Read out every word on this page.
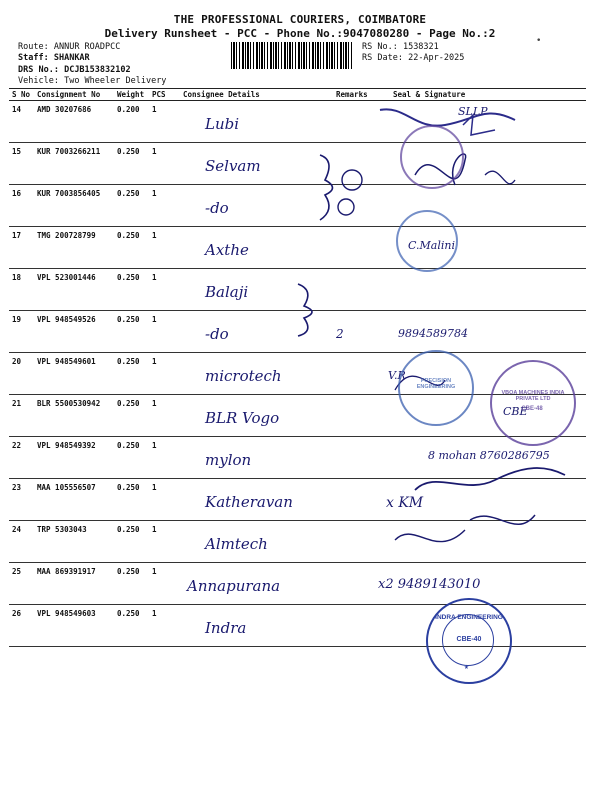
THE PROFESSIONAL COURIERS, COIMBATORE
Delivery Runsheet - PCC - Phone No.:9047080280 - Page No.:2
Route: ANNUR ROADPCC
Staff: SHANKAR
DRS No.: DCJB153832102
Vehicle: Two Wheeler Delivery
RS No.: 1538321
RS Date: 22-Apr-2025
•
S No	Consignment No	Weight	PCS	Consignee Details	Remarks	Seal & Signature
14	AMD 30207686	0.200	1	Lubi		SLLP
15	KUR 7003266211	0.250	1	Selvam		
16	KUR 7003856405	0.250	1	-do		
17	TMG 200728799	0.250	1	Axthe		C.Malini
18	VPL 523001446	0.250	1	Balaji		
19	VPL 948549526	0.250	1	-do	2	9894589784
20	VPL 948549601	0.250	1	microtech		V.R
21	BLR 5500530942	0.250	1	BLR Vogo		CBE
22	VPL 948549392	0.250	1	mylon		8 mohan 8760286795
23	MAA 105556507	0.250	1	Katheravan		x KM
24	TRP 5303043	0.250	1	Almtech		
25	MAA 869391917	0.250	1	Annapurana		x2 9489143010
26	VPL 948549603	0.250	1	Indra		
PRECISION ENGINEERING
VBOA MACHINES INDIA PRIVATE LTD
CBE-48
INDRA ENGINEERING
CBE-40
★
